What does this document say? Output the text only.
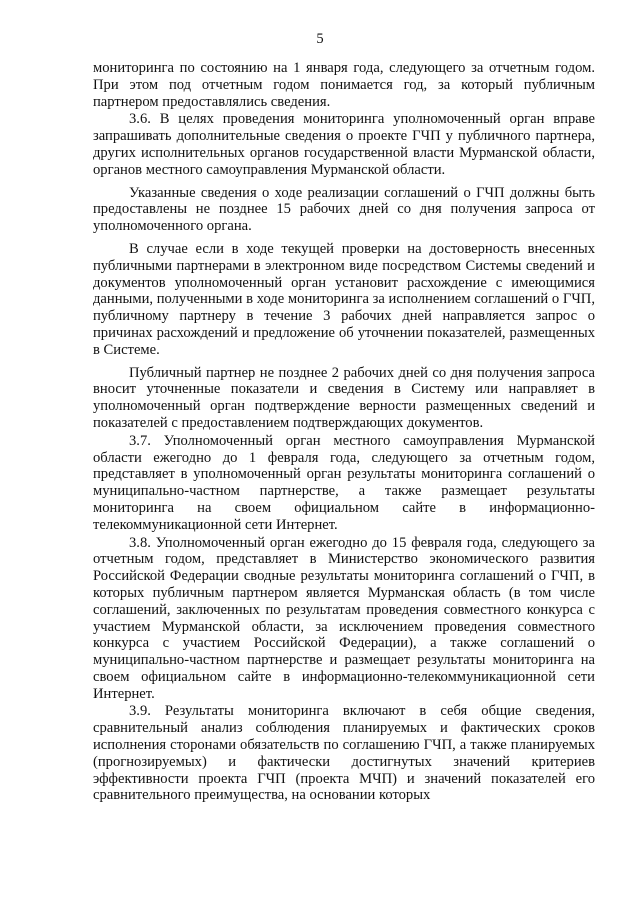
5

мониторинга по состоянию на 1 января года, следующего за отчетным годом. При этом под отчетным годом понимается год, за который публичным партнером предоставлялись сведения.

3.6. В целях проведения мониторинга уполномоченный орган вправе запрашивать дополнительные сведения о проекте ГЧП у публичного партнера, других исполнительных органов государственной власти Мурманской области, органов местного самоуправления Мурманской области.

Указанные сведения о ходе реализации соглашений о ГЧП должны быть предоставлены не позднее 15 рабочих дней со дня получения запроса от уполномоченного органа.

В случае если в ходе текущей проверки на достоверность внесенных публичными партнерами в электронном виде посредством Системы сведений и документов уполномоченный орган установит расхождение с имеющимися данными, полученными в ходе мониторинга за исполнением соглашений о ГЧП, публичному партнеру в течение 3 рабочих дней направляется запрос о причинах расхождений и предложение об уточнении показателей, размещенных в Системе.

Публичный партнер не позднее 2 рабочих дней со дня получения запроса вносит уточненные показатели и сведения в Систему или направляет в уполномоченный орган подтверждение верности размещенных сведений и показателей с предоставлением подтверждающих документов.

3.7. Уполномоченный орган местного самоуправления Мурманской области ежегодно до 1 февраля года, следующего за отчетным годом, представляет в уполномоченный орган результаты мониторинга соглашений о муниципально-частном партнерстве, а также размещает результаты мониторинга на своем официальном сайте в информационно-телекоммуникационной сети Интернет.

3.8. Уполномоченный орган ежегодно до 15 февраля года, следующего за отчетным годом, представляет в Министерство экономического развития Российской Федерации сводные результаты мониторинга соглашений о ГЧП, в которых публичным партнером является Мурманская область (в том числе соглашений, заключенных по результатам проведения совместного конкурса с участием Мурманской области, за исключением проведения совместного конкурса с участием Российской Федерации), а также соглашений о муниципально-частном партнерстве и размещает результаты мониторинга на своем официальном сайте в информационно-телекоммуникационной сети Интернет.

3.9. Результаты мониторинга включают в себя общие сведения, сравнительный анализ соблюдения планируемых и фактических сроков исполнения сторонами обязательств по соглашению ГЧП, а также планируемых (прогнозируемых) и фактически достигнутых значений критериев эффективности проекта ГЧП (проекта МЧП) и значений показателей его сравнительного преимущества, на основании которых
